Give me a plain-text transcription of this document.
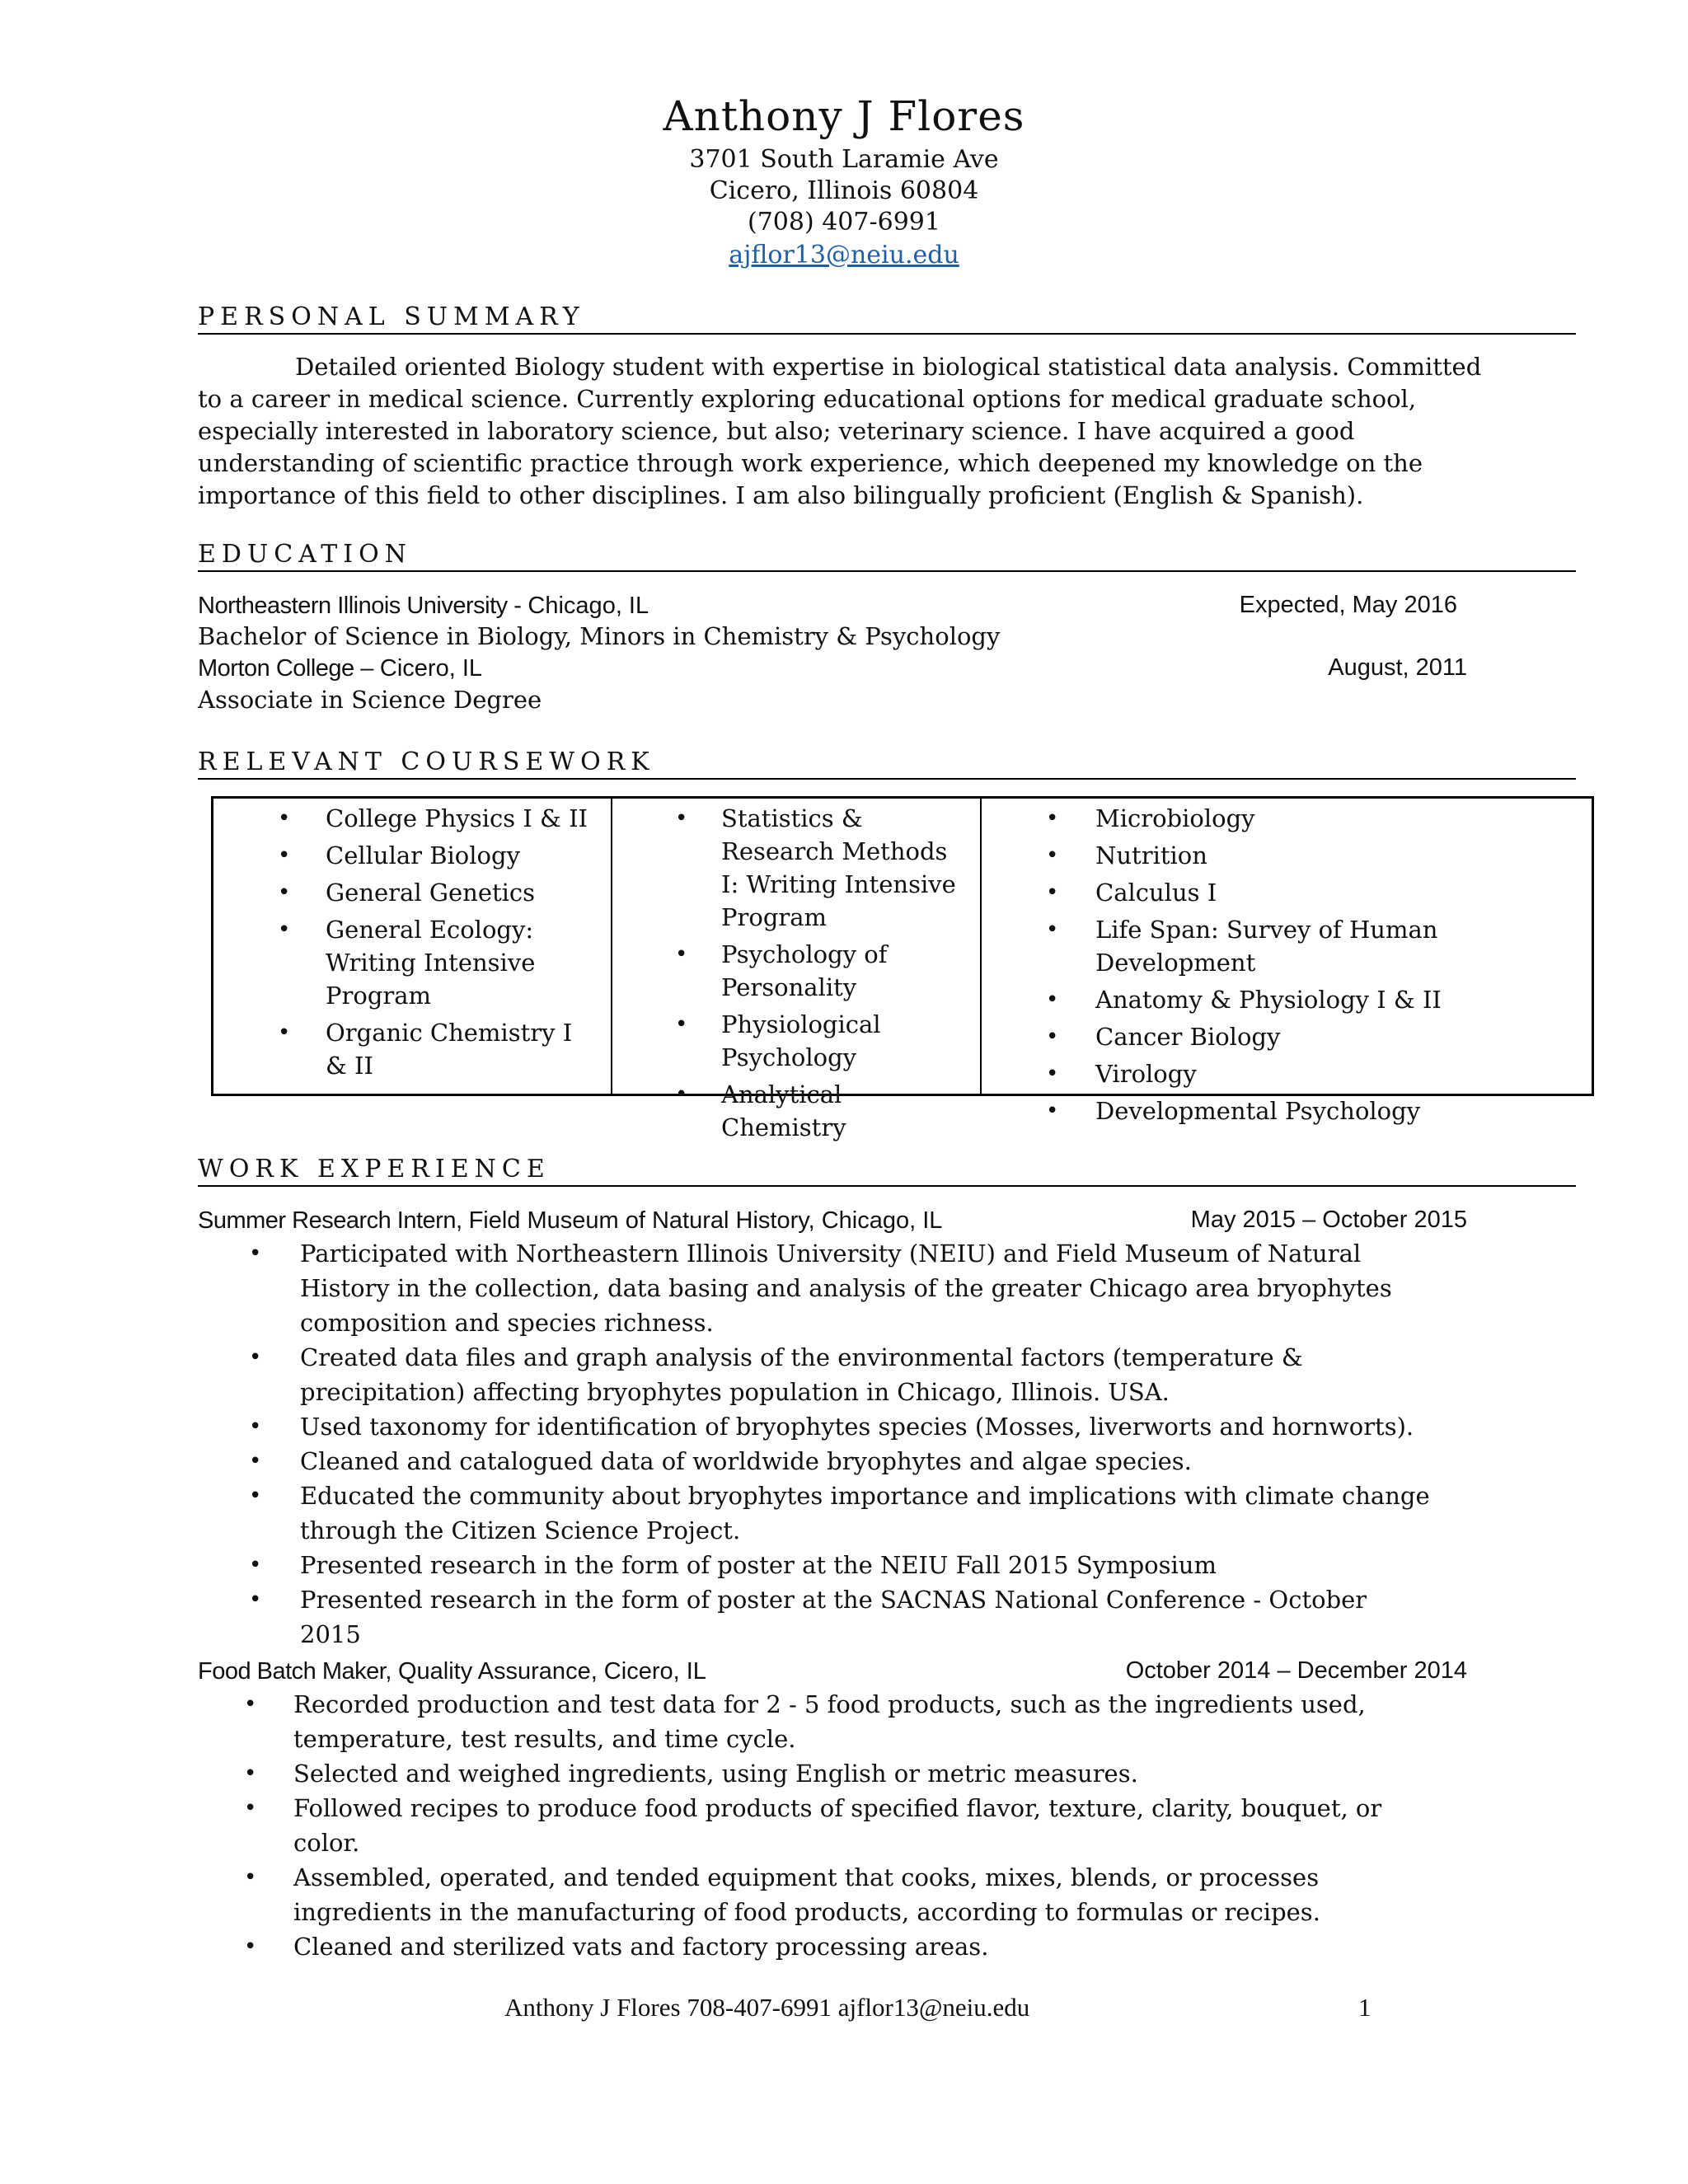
Anthony J Flores

3701 South Laramie Ave

Cicero, Illinois 60804

(708) 407-6991

ajflor13@neiu.edu

PERSONAL SUMMARY

Detailed oriented Biology student with expertise in biological statistical data analysis. Committed to a career in medical science. Currently exploring educational options for medical graduate school, especially interested in laboratory science, but also; veterinary science. I have acquired a good understanding of scientific practice through work experience, which deepened my knowledge on the importance of this field to other disciplines. I am also bilingually proficient (English & Spanish).

EDUCATION
Northeastern Illinois University - Chicago, IL	Expected, May 2016
Bachelor of Science in Biology, Minors in Chemistry & Psychology
Morton College – Cicero, IL	August, 2011
Associate in Science Degree
RELEVANT COURSEWORK
• College Physics I & II
• Cellular Biology
• General Genetics
• General Ecology: Writing Intensive Program
• Organic Chemistry I & II
• Statistics & Research Methods I: Writing Intensive Program
• Psychology of Personality
• Physiological Psychology
• Analytical Chemistry
• Microbiology
• Nutrition
• Calculus I
• Life Span: Survey of Human Development
• Anatomy & Physiology I & II
• Cancer Biology
• Virology
• Developmental Psychology
WORK EXPERIENCE
Summer Research Intern, Field Museum of Natural History, Chicago, IL	May 2015 – October 2015
• Participated with Northeastern Illinois University (NEIU) and Field Museum of Natural History in the collection, data basing and analysis of the greater Chicago area bryophytes composition and species richness.
• Created data files and graph analysis of the environmental factors (temperature & precipitation) affecting bryophytes population in Chicago, Illinois. USA.
• Used taxonomy for identification of bryophytes species (Mosses, liverworts and hornworts).
• Cleaned and catalogued data of worldwide bryophytes and algae species.
• Educated the community about bryophytes importance and implications with climate change through the Citizen Science Project.
• Presented research in the form of poster at the NEIU Fall 2015 Symposium
• Presented research in the form of poster at the SACNAS National Conference - October 2015
Food Batch Maker, Quality Assurance, Cicero, IL	October 2014 – December 2014
• Recorded production and test data for 2 - 5 food products, such as the ingredients used, temperature, test results, and time cycle.
• Selected and weighed ingredients, using English or metric measures.
• Followed recipes to produce food products of specified flavor, texture, clarity, bouquet, or color.
• Assembled, operated, and tended equipment that cooks, mixes, blends, or processes ingredients in the manufacturing of food products, according to formulas or recipes.
• Cleaned and sterilized vats and factory processing areas.
Anthony J Flores 708-407-6991 ajflor13@neiu.edu	1
